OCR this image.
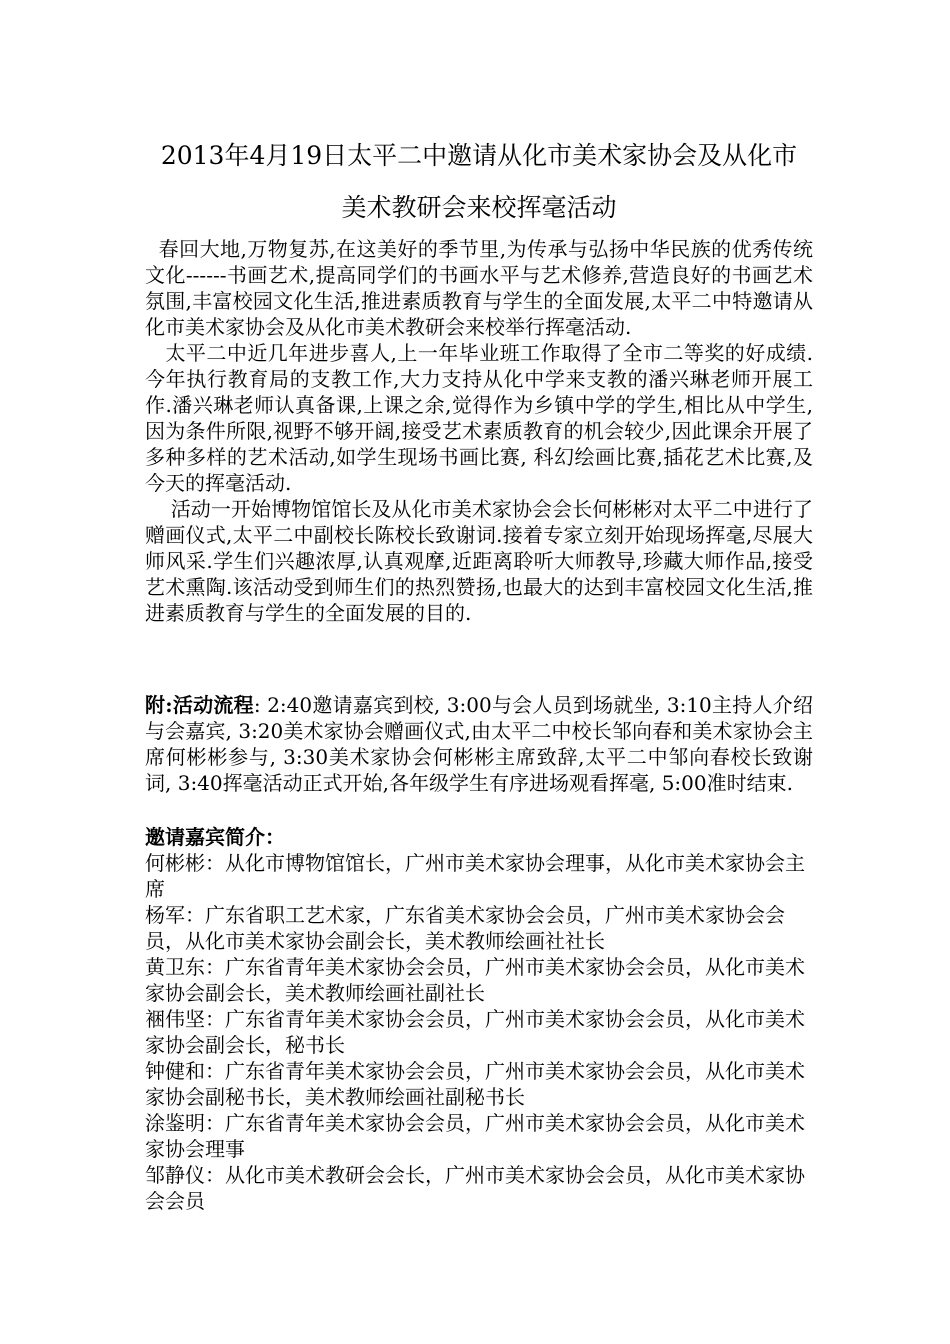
2013年4月19日太平二中邀请从化市美术家协会及从化市
美术教研会来校挥毫活动

春回大地,万物复苏,在这美好的季节里,为传承与弘扬中华民族的优秀传统文化------书画艺术,提高同学们的书画水平与艺术修养,营造良好的书画艺术氛围,丰富校园文化生活,推进素质教育与学生的全面发展,太平二中特邀请从化市美术家协会及从化市美术教研会来校举行挥毫活动.

太平二中近几年进步喜人,上一年毕业班工作取得了全市二等奖的好成绩.今年执行教育局的支教工作,大力支持从化中学来支教的潘兴琳老师开展工作.潘兴琳老师认真备课,上课之余,觉得作为乡镇中学的学生,相比从中学生,因为条件所限,视野不够开阔,接受艺术素质教育的机会较少,因此课余开展了多种多样的艺术活动,如学生现场书画比赛, 科幻绘画比赛,插花艺术比赛,及今天的挥毫活动.

活动一开始博物馆馆长及从化市美术家协会会长何彬彬对太平二中进行了赠画仪式,太平二中副校长陈校长致谢词.接着专家立刻开始现场挥毫,尽展大师风采.学生们兴趣浓厚,认真观摩,近距离聆听大师教导,珍藏大师作品,接受艺术熏陶.该活动受到师生们的热烈赞扬,也最大的达到丰富校园文化生活,推进素质教育与学生的全面发展的目的.

附:活动流程: 2:40邀请嘉宾到校, 3:00与会人员到场就坐, 3:10主持人介绍与会嘉宾, 3:20美术家协会赠画仪式,由太平二中校长邹向春和美术家协会主席何彬彬参与, 3:30美术家协会何彬彬主席致辞,太平二中邹向春校长致谢词, 3:40挥毫活动正式开始,各年级学生有序进场观看挥毫, 5:00准时结束.

邀请嘉宾简介：

何彬彬：从化市博物馆馆长，广州市美术家协会理事，从化市美术家协会主席

杨军：广东省职工艺术家，广东省美术家协会会员，广州市美术家协会会员，从化市美术家协会副会长，美术教师绘画社社长

黄卫东：广东省青年美术家协会会员，广州市美术家协会会员，从化市美术家协会副会长，美术教师绘画社副社长

裍伟坚：广东省青年美术家协会会员，广州市美术家协会会员，从化市美术家协会副会长，秘书长

钟健和：广东省青年美术家协会会员，广州市美术家协会会员，从化市美术家协会副秘书长，美术教师绘画社副秘书长

涂鉴明：广东省青年美术家协会会员，广州市美术家协会会员，从化市美术家协会理事

邹静仪：从化市美术教研会会长，广州市美术家协会会员，从化市美术家协会会员
